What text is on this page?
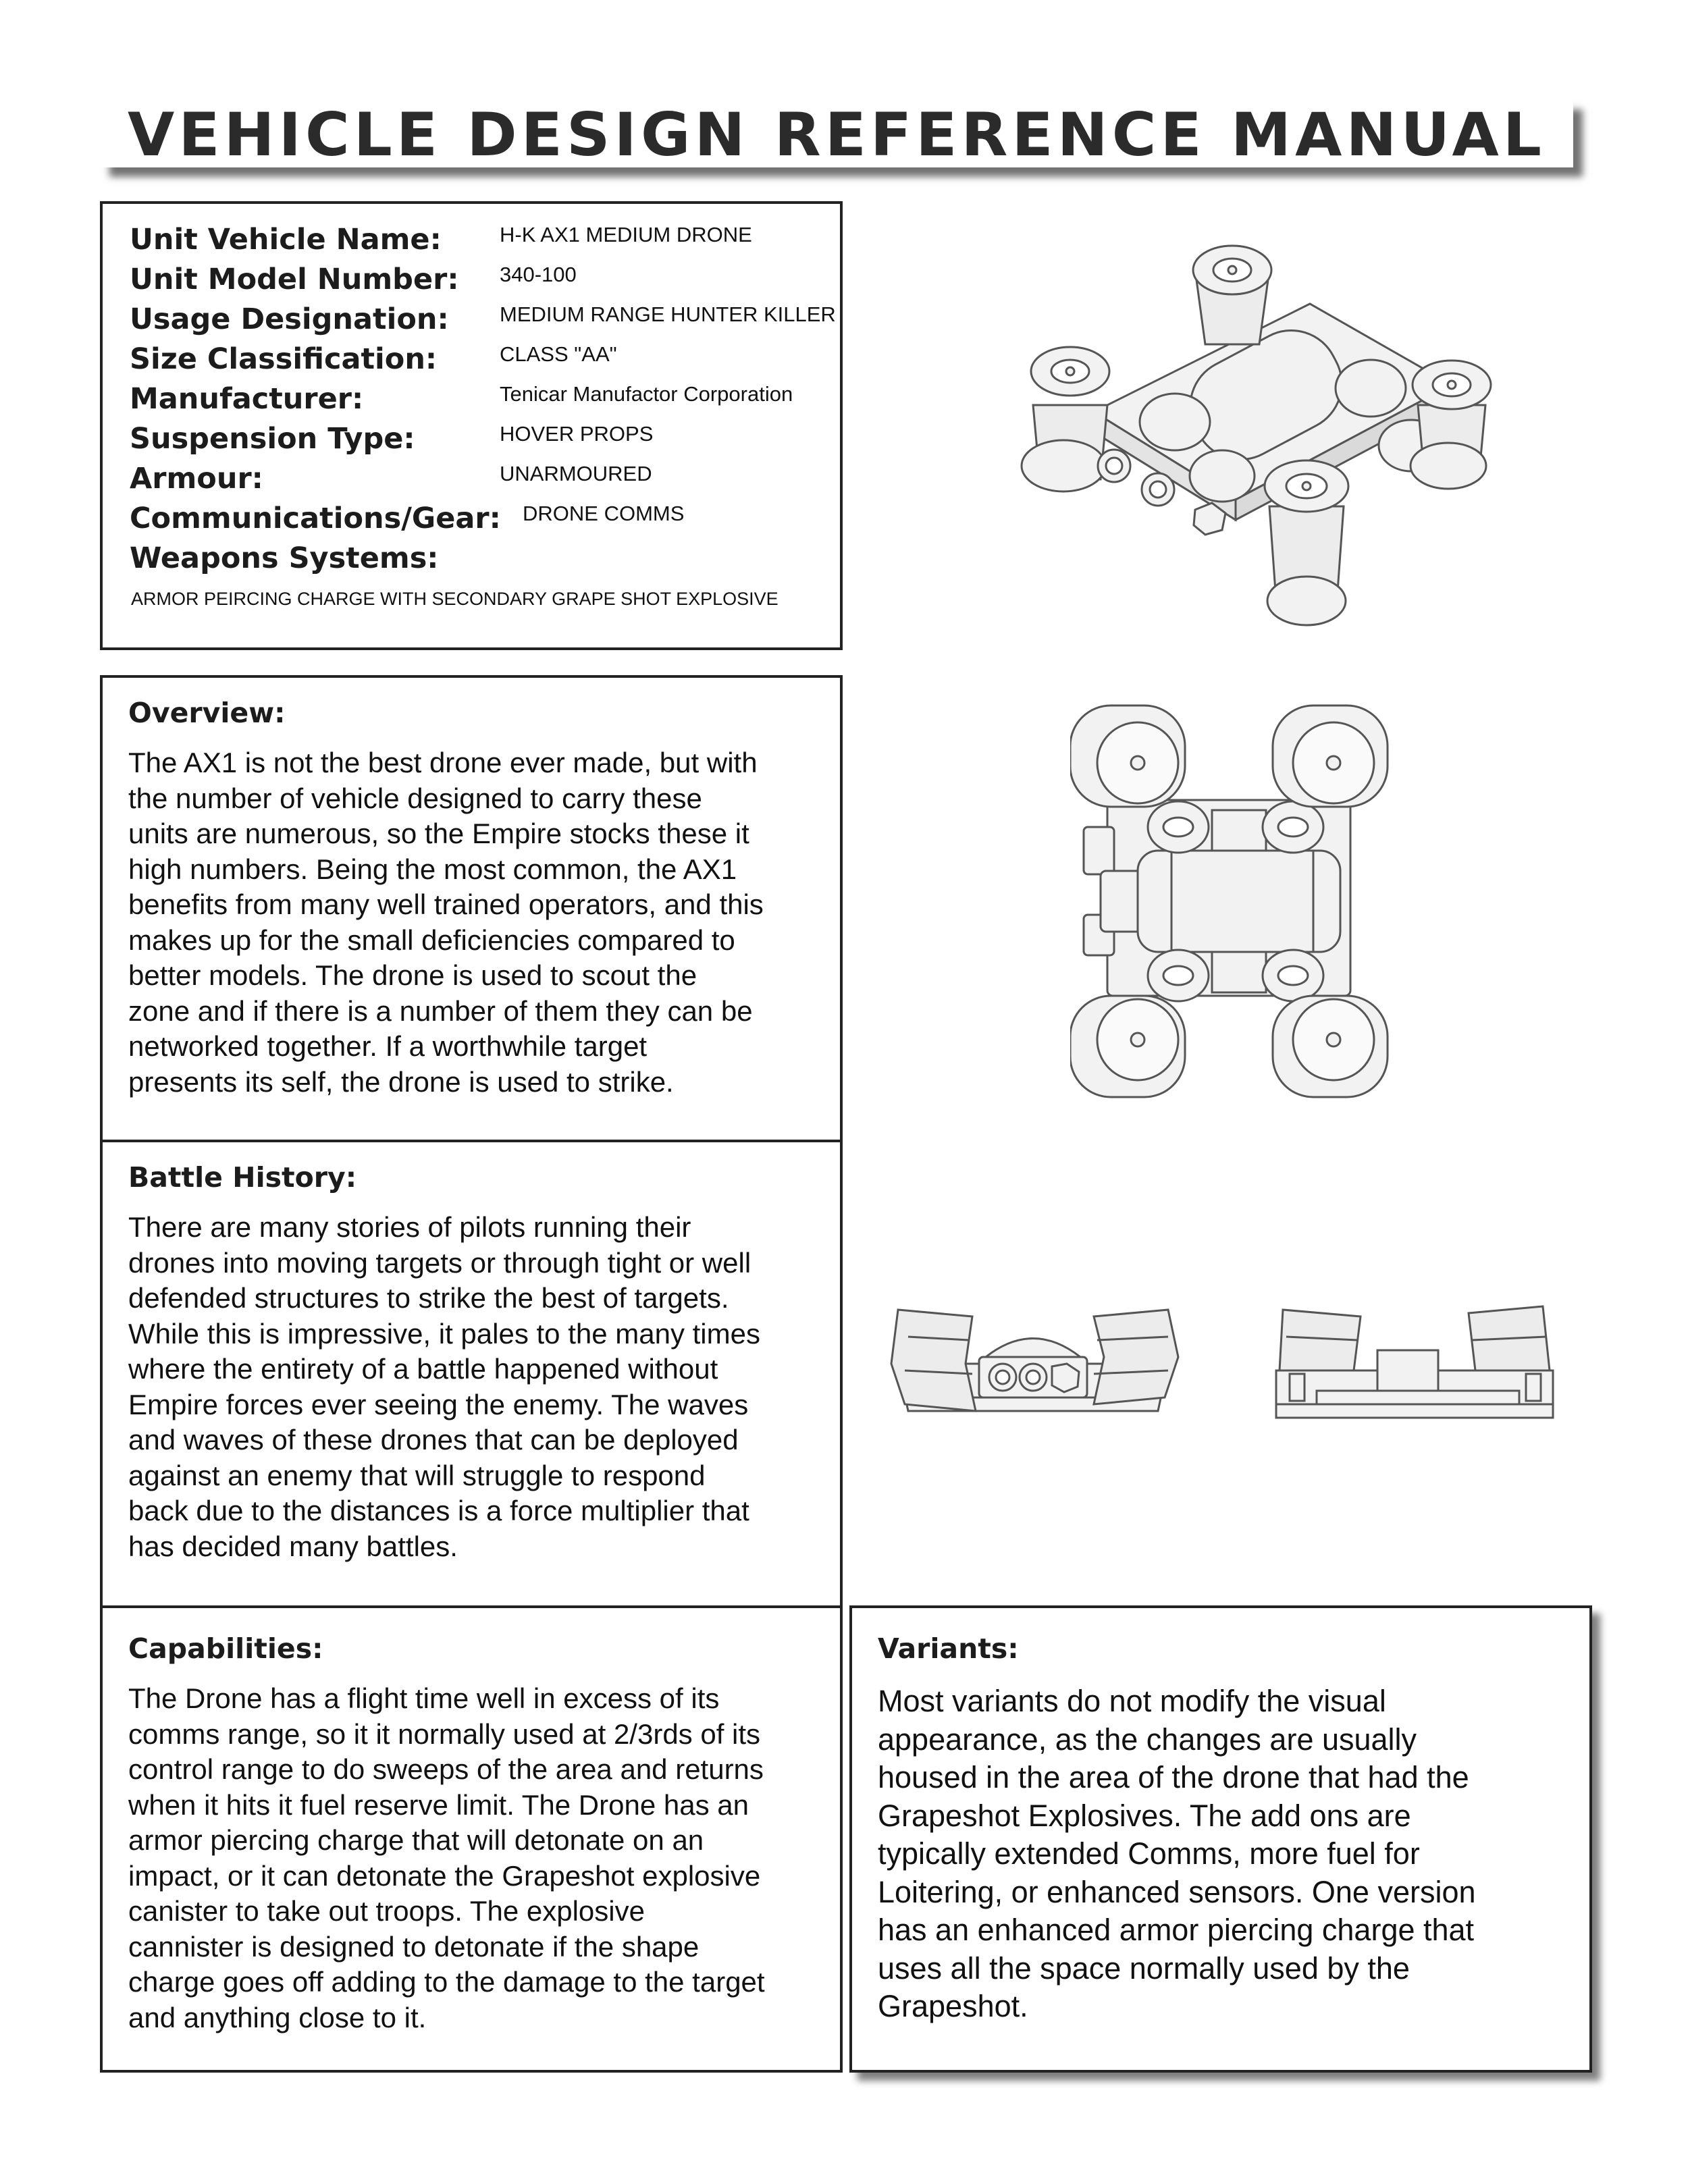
VEHICLE DESIGN REFERENCE MANUAL
Unit Vehicle Name:	H-K AX1 MEDIUM DRONE
Unit Model Number: 340-100
Usage Designation: MEDIUM RANGE HUNTER KILLER
Size Classification:	CLASS "AA"
Manufacturer:	Tenicar Manufactor Corporation
Suspension Type:	HOVER PROPS
Armour:	UNARMOURED
Communications/Gear: DRONE COMMS
Weapons Systems:
ARMOR PEIRCING CHARGE WITH SECONDARY GRAPE SHOT EXPLOSIVE
Overview:
The AX1 is not the best drone ever made, but with
the number of vehicle designed to carry these
units are numerous, so the Empire stocks these it
high numbers. Being the most common, the AX1
benefits from many well trained operators, and this
makes up for the small deficiencies compared to
better models. The drone is used to scout the
zone and if there is a number of them they can be
networked together. If a worthwhile target
presents its self, the drone is used to strike.
Battle History:
There are many stories of pilots running their
drones into moving targets or through tight or well
defended structures to strike the best of targets.
While this is impressive, it pales to the many times
where the entirety of a battle happened without
Empire forces ever seeing the enemy. The waves
and waves of these drones that can be deployed
against an enemy that will struggle to respond
back due to the distances is a force multiplier that
has decided many battles.
Capabilities:
The Drone has a flight time well in excess of its
comms range, so it it normally used at 2/3rds of its
control range to do sweeps of the area and returns
when it hits it fuel reserve limit. The Drone has an
armor piercing charge that will detonate on an
impact, or it can detonate the Grapeshot explosive
canister to take out troops. The explosive
cannister is designed to detonate if the shape
charge goes off adding to the damage to the target
and anything close to it.
Variants:
Most variants do not modify the visual
appearance, as the changes are usually
housed in the area of the drone that had the
Grapeshot Explosives. The add ons are
typically extended Comms, more fuel for
Loitering, or enhanced sensors. One version
has an enhanced armor piercing charge that
uses all the space normally used by the
Grapeshot.
